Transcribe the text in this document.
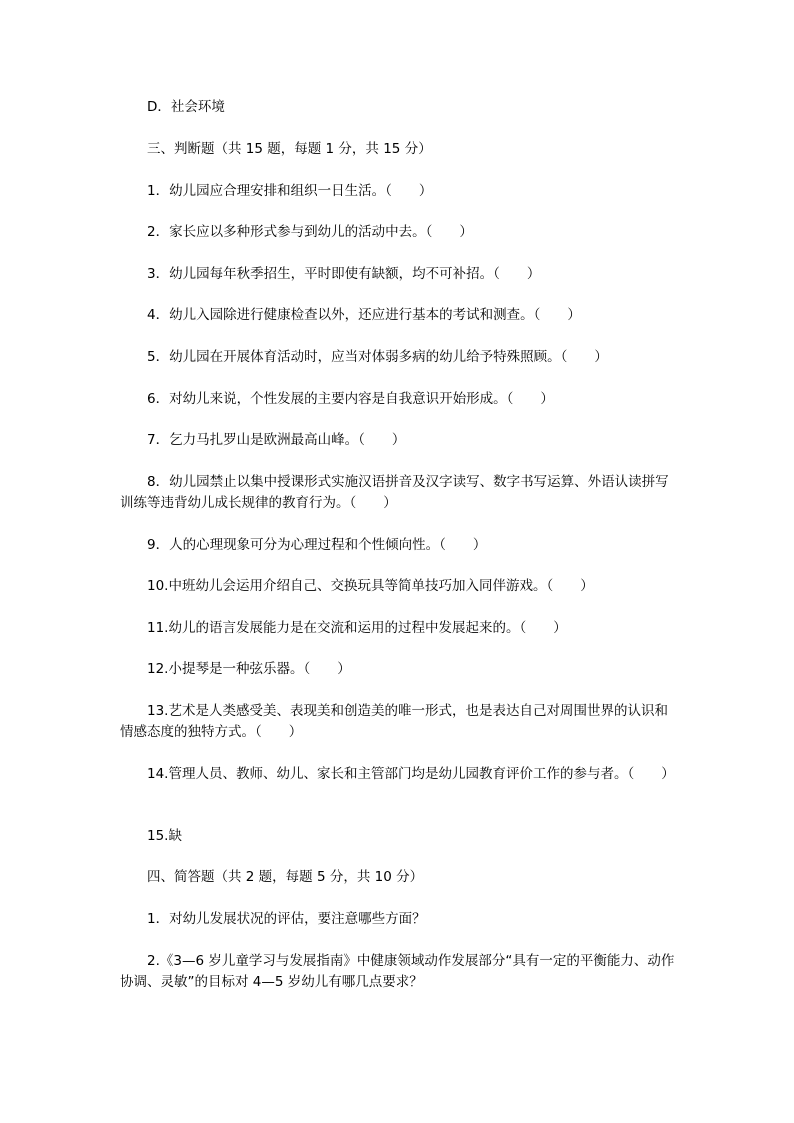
D．社会环境
三、判断题（共 15 题，每题 1 分，共 15 分）
1．幼儿园应合理安排和组织一日生活。（　　）
2．家长应以多种形式参与到幼儿的活动中去。（　　）
3．幼儿园每年秋季招生，平时即使有缺额，均不可补招。（　　）
4．幼儿入园除进行健康检查以外，还应进行基本的考试和测查。（　　）
5．幼儿园在开展体育活动时，应当对体弱多病的幼儿给予特殊照顾。（　　）
6．对幼儿来说，个性发展的主要内容是自我意识开始形成。（　　）
7．乞力马扎罗山是欧洲最高山峰。（　　）
8．幼儿园禁止以集中授课形式实施汉语拼音及汉字读写、数字书写运算、外语认读拼写训练等违背幼儿成长规律的教育行为。（　　）
9．人的心理现象可分为心理过程和个性倾向性。（　　）
10.中班幼儿会运用介绍自己、交换玩具等简单技巧加入同伴游戏。（　　）
11.幼儿的语言发展能力是在交流和运用的过程中发展起来的。（　　）
12.小提琴是一种弦乐器。（　　）
13.艺术是人类感受美、表现美和创造美的唯一形式，也是表达自己对周围世界的认识和情感态度的独特方式。（　　）
14.管理人员、教师、幼儿、家长和主管部门均是幼儿园教育评价工作的参与者。（　　）
15.缺
四、简答题（共 2 题，每题 5 分，共 10 分）
1．对幼儿发展状况的评估，要注意哪些方面？
2.《3—6 岁儿童学习与发展指南》中健康领域动作发展部分“具有一定的平衡能力、动作协调、灵敏”的目标对 4—5 岁幼儿有哪几点要求？
